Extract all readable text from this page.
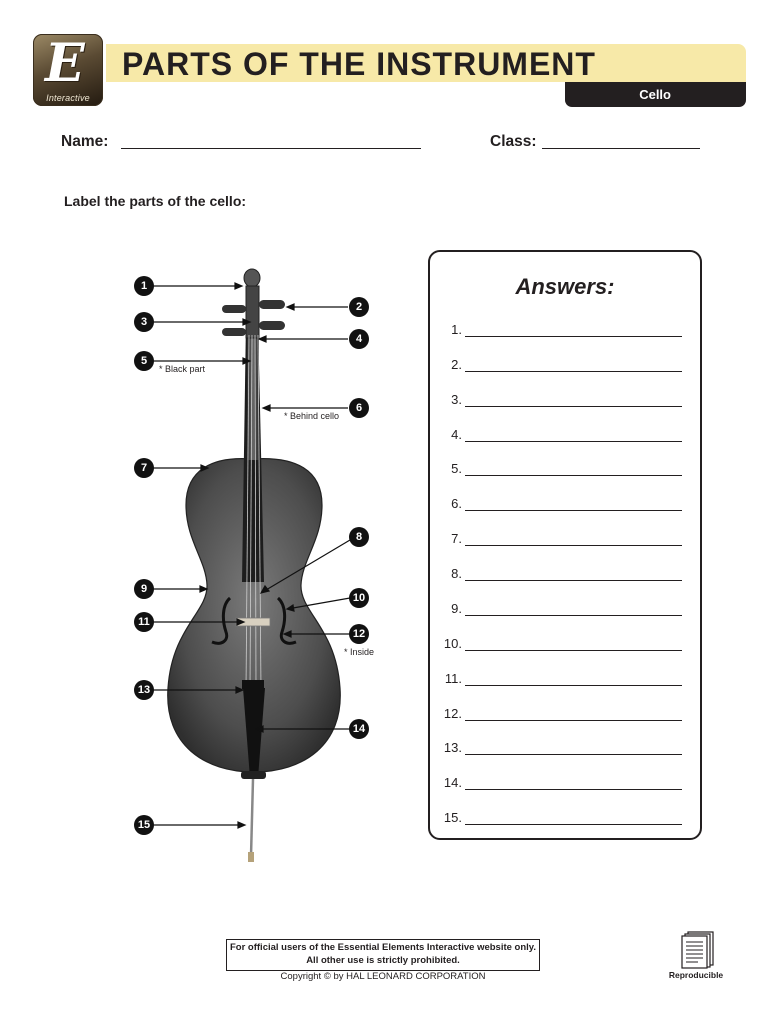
E
Interactive
PARTS OF THE INSTRUMENT
Cello
Name:	Class:
Label the parts of the cello:
1
2
3
4
5
6
7
8
9
10
11
12
13
14
15
* Black part
* Behind cello
* Inside
Answers:
1.
2.
3.
4.
5.
6.
7.
8.
9.
10.
11.
12.
13.
14.
15.
For official users of the Essential Elements Interactive website only.
All other use is strictly prohibited.
Copyright © by HAL LEONARD CORPORATION	Reproducible
